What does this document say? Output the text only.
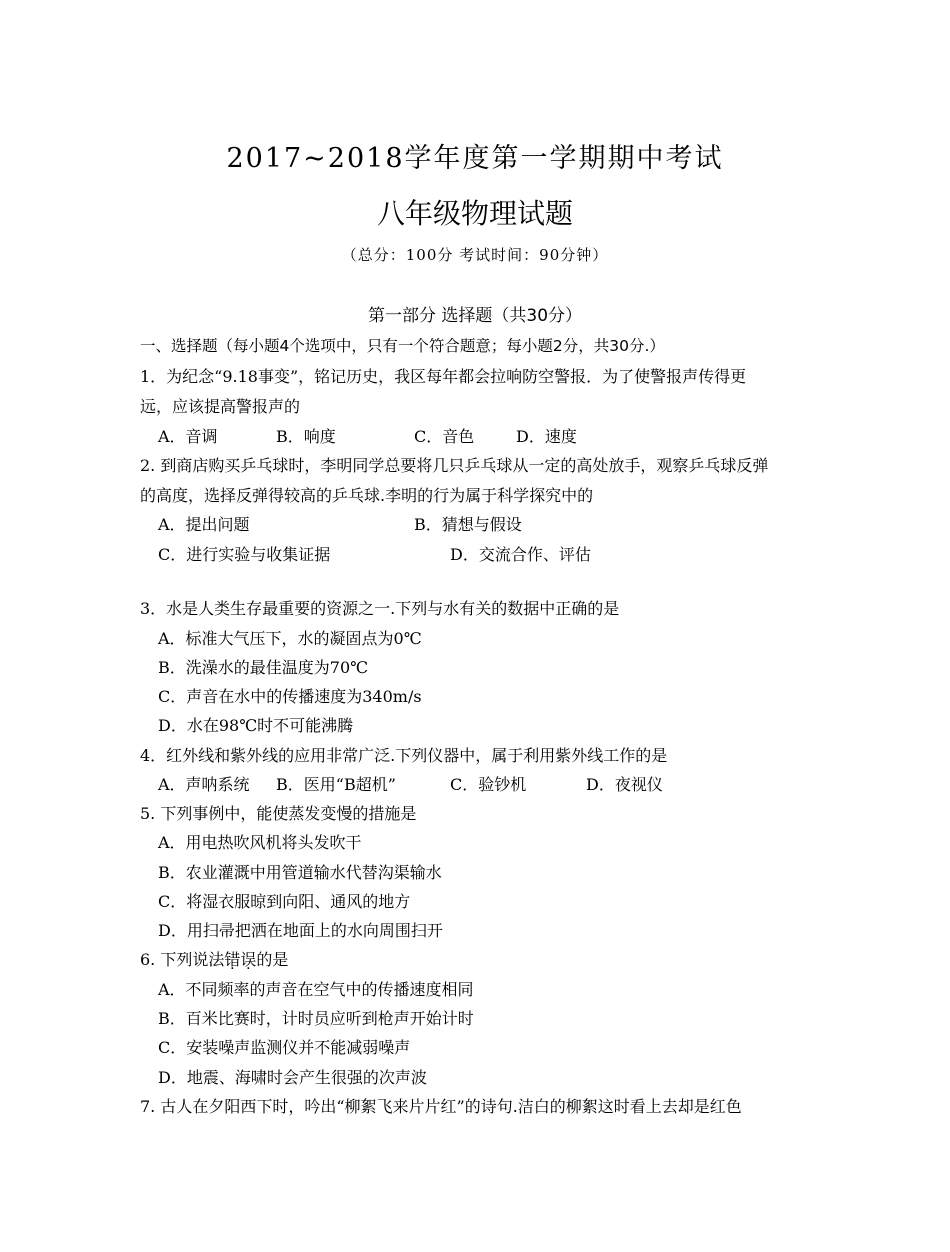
2017~2018学年度第一学期期中考试
八年级物理试题
（总分：100分 考试时间：90分钟）
第一部分 选择题（共30分）
一、选择题（每小题4个选项中，只有一个符合题意；每小题2分，共30分.）
1．为纪念“9.18事变”，铭记历史，我区每年都会拉响防空警报．为了使警报声传得更
远，应该提高警报声的
A．音调	B．响度	C．音色	D．速度
2. 到商店购买乒乓球时，李明同学总要将几只乒乓球从一定的高处放手，观察乒乓球反弹
的高度，选择反弹得较高的乒乓球.李明的行为属于科学探究中的
A．提出问题	B．猜想与假设
C．进行实验与收集证据	D．交流合作、评估
3．水是人类生存最重要的资源之一.下列与水有关的数据中正确的是
A．标准大气压下，水的凝固点为0℃
B．洗澡水的最佳温度为70℃
C．声音在水中的传播速度为340m/s
D．水在98℃时不可能沸腾
4．红外线和紫外线的应用非常广泛.下列仪器中，属于利用紫外线工作的是
A．声呐系统 B．医用“B超机”	C．验钞机	D．夜视仪
5. 下列事例中，能使蒸发变慢的措施是
A．用电热吹风机将头发吹干
B．农业灌溉中用管道输水代替沟渠输水
C．将湿衣服晾到向阳、通风的地方
D．用扫帚把洒在地面上的水向周围扫开
6. 下列说法错误的是
A．不同频率的声音在空气中的传播速度相同
B．百米比赛时，计时员应听到枪声开始计时
C．安装噪声监测仪并不能减弱噪声
D．地震、海啸时会产生很强的次声波
7. 古人在夕阳西下时，吟出“柳絮飞来片片红”的诗句.洁白的柳絮这时看上去却是红色
